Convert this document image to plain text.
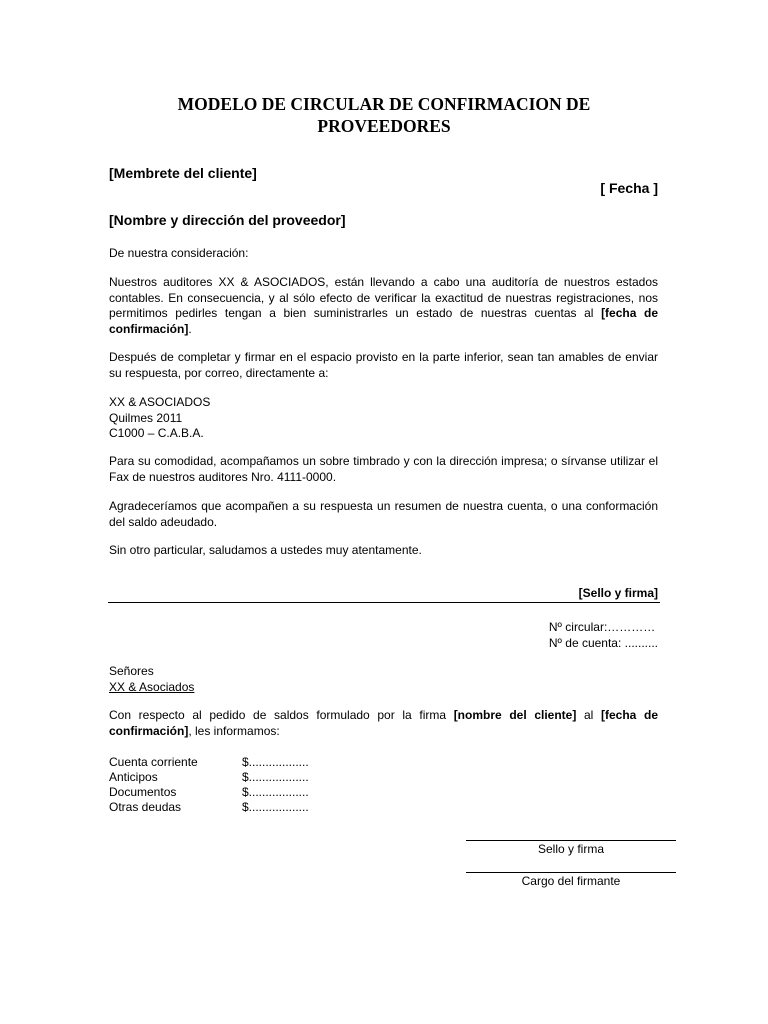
MODELO DE CIRCULAR DE CONFIRMACION DE PROVEEDORES
[Membrete del cliente]
[ Fecha ]
[Nombre y dirección del proveedor]
De nuestra consideración:
Nuestros auditores XX & ASOCIADOS, están llevando a cabo una auditoría de nuestros estados contables. En consecuencia, y al sólo efecto de verificar la exactitud de nuestras registraciones, nos permitimos pedirles tengan a bien suministrarles un estado de nuestras cuentas al [fecha de confirmación].
Después de completar y firmar en el espacio provisto en la parte inferior, sean tan amables de enviar su respuesta, por correo, directamente a:
XX & ASOCIADOS
Quilmes 2011
C1000 – C.A.B.A.
Para su comodidad, acompañamos un sobre timbrado y con la dirección impresa; o sírvanse utilizar el Fax de nuestros auditores Nro. 4111-0000.
Agradeceríamos que acompañen a su respuesta un resumen de nuestra cuenta, o una conformación del saldo adeudado.
Sin otro particular, saludamos a ustedes muy atentamente.
[Sello y firma]
Nº circular:…………
Nº de cuenta: ..........
Señores
XX & Asociados
Con respecto al pedido de saldos formulado por la firma [nombre del cliente] al [fecha de confirmación], les informamos:
Cuenta corriente	$..................
Anticipos	$..................
Documentos	$..................
Otras deudas	$..................
Sello y firma
Cargo del firmante
